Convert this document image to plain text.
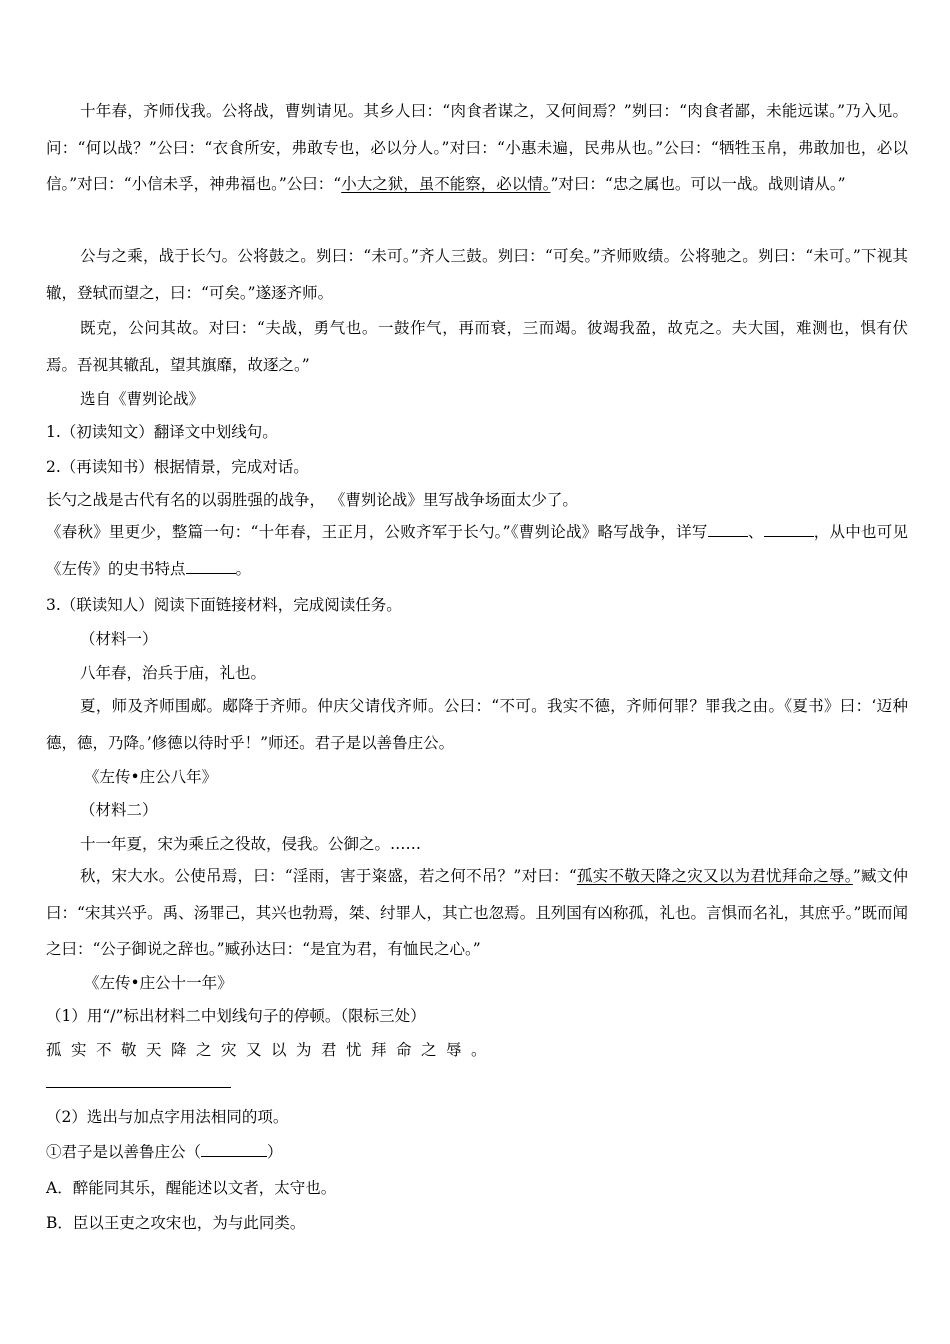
十年春，齐师伐我。公将战，曹刿请见。其乡人曰：“肉食者谋之，又何间焉？”刿曰：“肉食者鄙，未能远谋。”乃入见。问：“何以战？”公曰：“衣食所安，弗敢专也，必以分人。”对曰：“小惠未遍，民弗从也。”公曰：“牺牲玉帛，弗敢加也，必以信。”对曰：“小信未孚，神弗福也。”公曰：“小大之狱，虽不能察，必以情。”对曰：“忠之属也。可以一战。战则请从。”

公与之乘，战于长勺。公将鼓之。刿曰：“未可。”齐人三鼓。刿曰：“可矣。”齐师败绩。公将驰之。刿曰：“未可。”下视其辙，登轼而望之，曰：“可矣。”遂逐齐师。

既克，公问其故。对曰：“夫战，勇气也。一鼓作气，再而衰，三而竭。彼竭我盈，故克之。夫大国，难测也，惧有伏焉。吾视其辙乱，望其旗靡，故逐之。”

选自《曹刿论战》

1.（初读知文）翻译文中划线句。

2.（再读知书）根据情景，完成对话。

长勺之战是古代有名的以弱胜强的战争， 《曹刿论战》里写战争场面太少了。

《春秋》里更少，整篇一句：“十年春，王正月，公败齐军于长勺。”《曹刿论战》略写战争，详写	、	，从中也可见《左传》的史书特点	。

3.（联读知人）阅读下面链接材料，完成阅读任务。

（材料一）

八年春，治兵于庙，礼也。

夏，师及齐师围郕。郕降于齐师。仲庆父请伐齐师。公曰：“不可。我实不德，齐师何罪？罪我之由。《夏书》曰：‘迈种德，德，乃降。’修德以待时乎！”师还。君子是以善鲁庄公。

《左传•庄公八年》

（材料二）

十一年夏，宋为乘丘之役故，侵我。公御之。……

秋，宋大水。公使吊焉，曰：“淫雨，害于粢盛，若之何不吊？”对曰：“孤实不敬天降之灾又以为君忧拜命之辱。”臧文仲曰：“宋其兴乎。禹、汤罪己，其兴也勃焉，桀、纣罪人，其亡也忽焉。且列国有凶称孤，礼也。言惧而名礼，其庶乎。”既而闻之曰：“公子御说之辞也。”臧孙达曰：“是宜为君，有恤民之心。”

《左传•庄公十一年》

（1）用“/”标出材料二中划线句子的停顿。（限标三处）

孤实不敬天降之灾又以为君忧拜命之辱。

（2）选出与加点字用法相同的项。

①君子是以善鲁庄公（	）

A．醉能同其乐，醒能述以文者，太守也。

B．臣以王吏之攻宋也，为与此同类。
